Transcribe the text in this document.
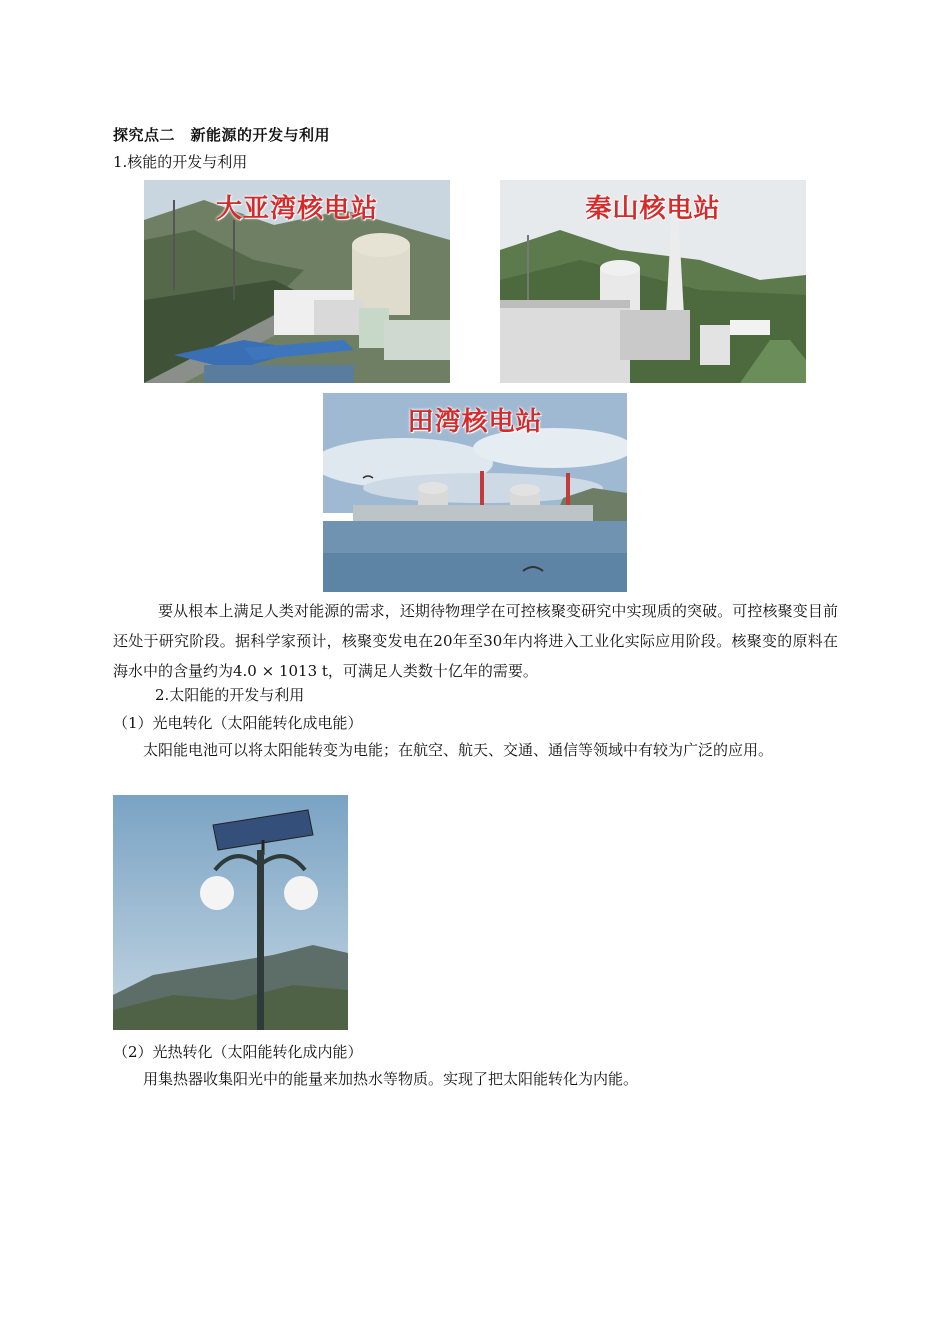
探究点二　新能源的开发与利用
1.核能的开发与利用
大亚湾核电站	秦山核电站
田湾核电站
要从根本上满足人类对能源的需求，还期待物理学在可控核聚变研究中实现质的突破。可控核聚变目前还处于研究阶段。据科学家预计，核聚变发电在20年至30年内将进入工业化实际应用阶段。核聚变的原料在海水中的含量约为4.0 × 1013 t，可满足人类数十亿年的需要。
2.太阳能的开发与利用
（1）光电转化（太阳能转化成电能）
太阳能电池可以将太阳能转变为电能；在航空、航天、交通、通信等领域中有较为广泛的应用。
（2）光热转化（太阳能转化成内能）
用集热器收集阳光中的能量来加热水等物质。实现了把太阳能转化为内能。
